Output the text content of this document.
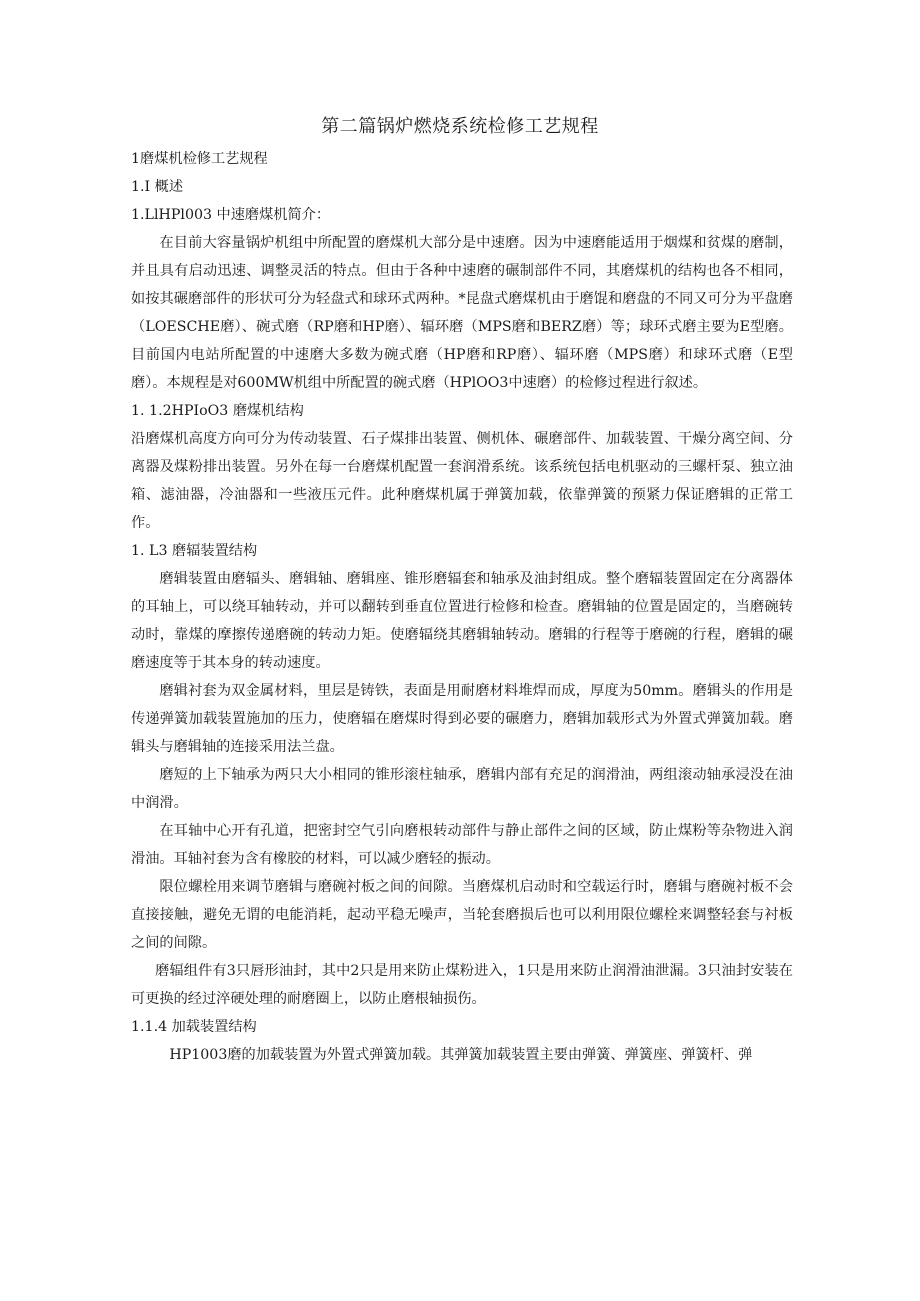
第二篇锅炉燃烧系统检修工艺规程
1磨煤机检修工艺规程
1.I 概述
1.LlHPl003 中速磨煤机简介：

在目前大容量锅炉机组中所配置的磨煤机大部分是中速磨。因为中速磨能适用于烟煤和贫煤的磨制，并且具有启动迅速、调整灵活的特点。但由于各种中速磨的碾制部件不同，其磨煤机的结构也各不相同，如按其碾磨部件的形状可分为轻盘式和球环式两种。*昆盘式磨煤机由于磨馄和磨盘的不同又可分为平盘磨（LOESCHE磨）、碗式磨（RP磨和HP磨）、辐环磨（MPS磨和BERZ磨）等；球环式磨主要为E型磨。目前国内电站所配置的中速磨大多数为碗式磨（HP磨和RP磨）、辐环磨（MPS磨）和球环式磨（E型磨）。本规程是对600MW机组中所配置的碗式磨（HPlOO3中速磨）的检修过程进行叙述。

1. 1.2HPIoO3 磨煤机结构

沿磨煤机高度方向可分为传动装置、石子煤排出装置、侧机体、碾磨部件、加载装置、干燥分离空间、分离器及煤粉排出装置。另外在每一台磨煤机配置一套润滑系统。该系统包括电机驱动的三螺杆泵、独立油箱、滤油器，冷油器和一些液压元件。此种磨煤机属于弹簧加载，依靠弹簧的预紧力保证磨辑的正常工作。

1. L3 磨辐装置结构

磨辑装置由磨辐头、磨辑轴、磨辑座、锥形磨辐套和轴承及油封组成。整个磨辐装置固定在分离器体的耳轴上，可以绕耳轴转动，并可以翻转到垂直位置进行检修和检查。磨辑轴的位置是固定的，当磨碗转动时，靠煤的摩擦传递磨碗的转动力矩。使磨辐绕其磨辑轴转动。磨辑的行程等于磨碗的行程，磨辑的碾磨速度等于其本身的转动速度。

磨辑衬套为双金属材料，里层是铸铁，表面是用耐磨材料堆焊而成，厚度为50mm。磨辑头的作用是传递弹簧加载装置施加的压力，使磨辐在磨煤时得到必要的碾磨力，磨辑加载形式为外置式弹簧加载。磨辑头与磨辑轴的连接采用法兰盘。

磨短的上下轴承为两只大小相同的锥形滚柱轴承，磨辑内部有充足的润滑油，两组滚动轴承浸没在油中润滑。

在耳轴中心开有孔道，把密封空气引向磨根转动部件与静止部件之间的区域，防止煤粉等杂物进入润滑油。耳轴衬套为含有橡胶的材料，可以减少磨轻的振动。

限位螺栓用来调节磨辑与磨碗衬板之间的间隙。当磨煤机启动时和空载运行时，磨辑与磨碗衬板不会直接接触，避免无谓的电能消耗，起动平稳无噪声，当轮套磨损后也可以利用限位螺栓来调整轻套与衬板之间的间隙。

磨辐组件有3只唇形油封，其中2只是用来防止煤粉进入，1只是用来防止润滑油泄漏。3只油封安装在可更换的经过淬硬处理的耐磨圈上，以防止磨根轴损伤。

1.1.4 加载装置结构

HP1003磨的加载装置为外置式弹簧加载。其弹簧加载装置主要由弹簧、弹簧座、弹簧杆、弹
